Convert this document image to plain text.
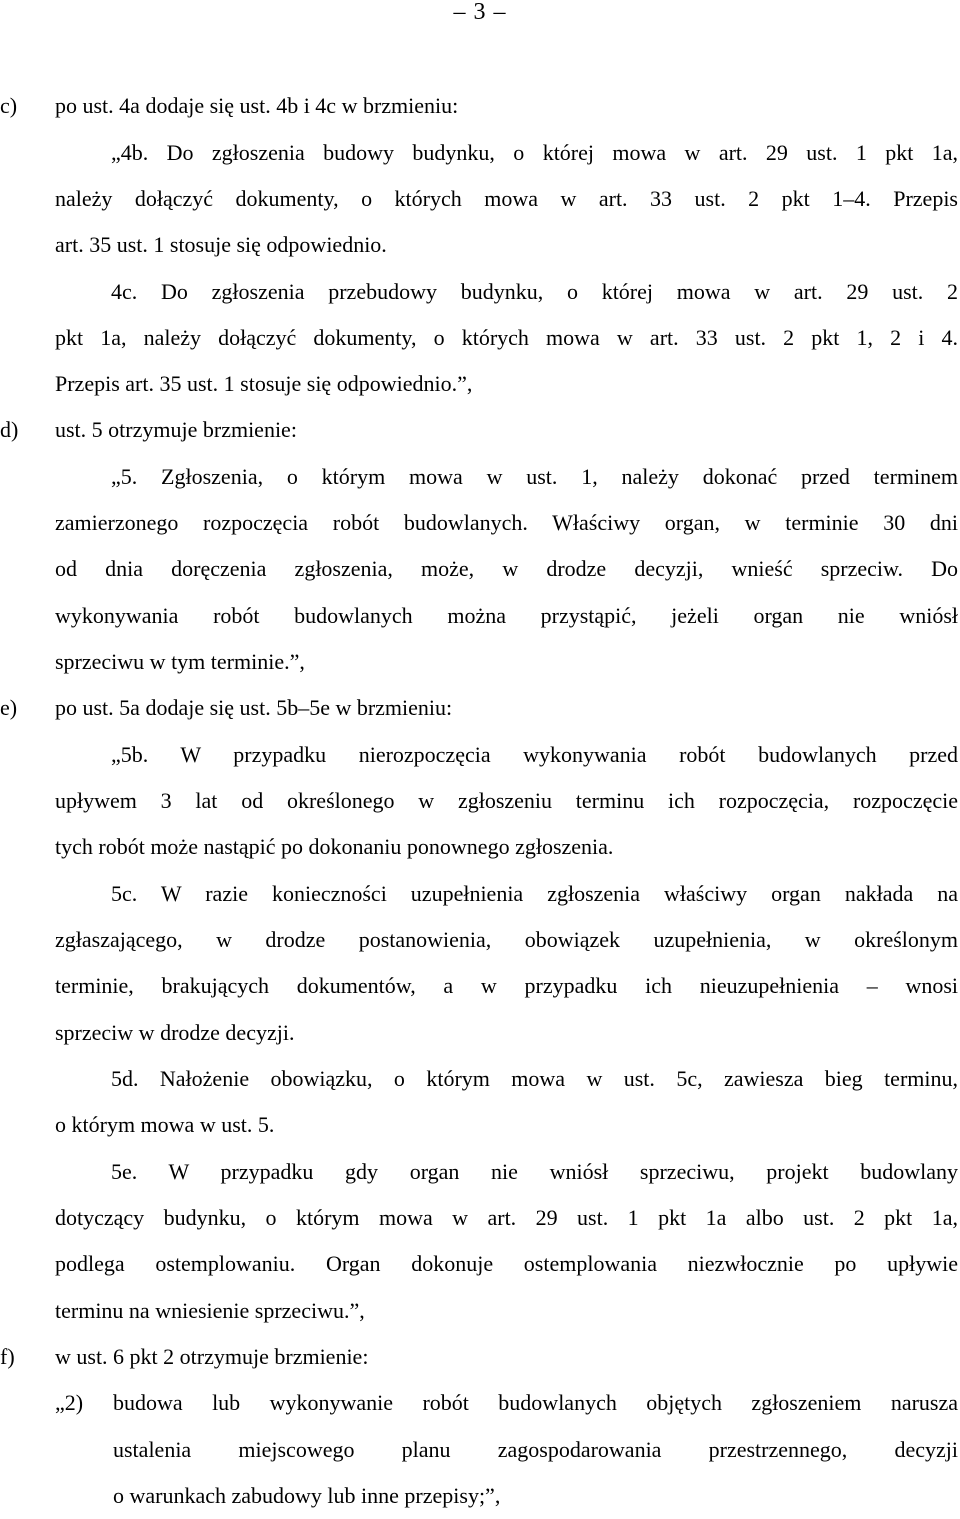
– 3 –
c) po ust. 4a dodaje się ust. 4b i 4c w brzmieniu:
„4b. Do zgłoszenia budowy budynku, o której mowa w art. 29 ust. 1 pkt 1a,
należy dołączyć dokumenty, o których mowa w art. 33 ust. 2 pkt 1–4. Przepis
art. 35 ust. 1 stosuje się odpowiednio.
4c. Do zgłoszenia przebudowy budynku, o której mowa w art. 29 ust. 2
pkt 1a, należy dołączyć dokumenty, o których mowa w art. 33 ust. 2 pkt 1, 2 i 4.
Przepis art. 35 ust. 1 stosuje się odpowiednio.”,
d) ust. 5 otrzymuje brzmienie:
„5. Zgłoszenia, o którym mowa w ust. 1, należy dokonać przed terminem
zamierzonego rozpoczęcia robót budowlanych. Właściwy organ, w terminie 30 dni
od dnia doręczenia zgłoszenia, może, w drodze decyzji, wnieść sprzeciw. Do
wykonywania robót budowlanych można przystąpić, jeżeli organ nie wniósł
sprzeciwu w tym terminie.”,
e) po ust. 5a dodaje się ust. 5b–5e w brzmieniu:
„5b. W przypadku nierozpoczęcia wykonywania robót budowlanych przed
upływem 3 lat od określonego w zgłoszeniu terminu ich rozpoczęcia, rozpoczęcie
tych robót może nastąpić po dokonaniu ponownego zgłoszenia.
5c. W razie konieczności uzupełnienia zgłoszenia właściwy organ nakłada na
zgłaszającego, w drodze postanowienia, obowiązek uzupełnienia, w określonym
terminie, brakujących dokumentów, a w przypadku ich nieuzupełnienia – wnosi
sprzeciw w drodze decyzji.
5d. Nałożenie obowiązku, o którym mowa w ust. 5c, zawiesza bieg terminu,
o którym mowa w ust. 5.
5e. W przypadku gdy organ nie wniósł sprzeciwu, projekt budowlany
dotyczący budynku, o którym mowa w art. 29 ust. 1 pkt 1a albo ust. 2 pkt 1a,
podlega ostemplowaniu. Organ dokonuje ostemplowania niezwłocznie po upływie
terminu na wniesienie sprzeciwu.”,
f) w ust. 6 pkt 2 otrzymuje brzmienie:
„2) budowa lub wykonywanie robót budowlanych objętych zgłoszeniem narusza
ustalenia miejscowego planu zagospodarowania przestrzennego, decyzji
o warunkach zabudowy lub inne przepisy;”,
